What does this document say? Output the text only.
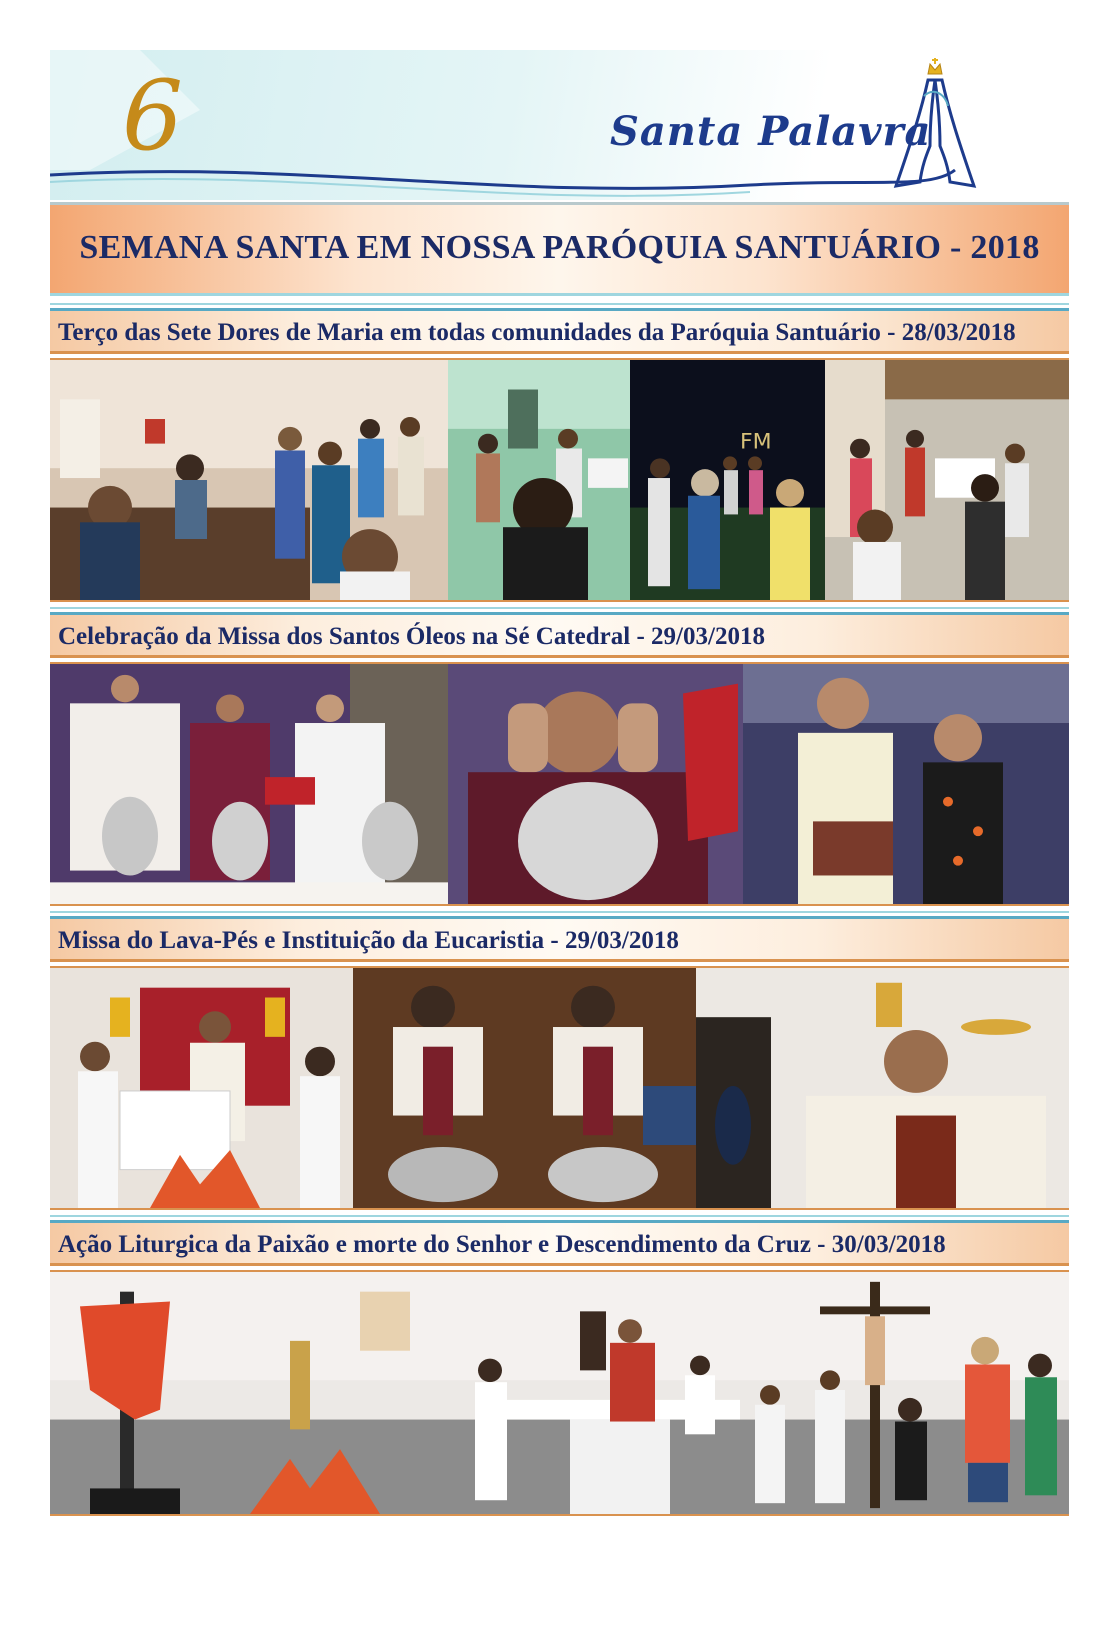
6	Santa Palavra
SEMANA SANTA EM NOSSA PARÓQUIA SANTUÁRIO - 2018
Terço das Sete Dores de Maria em todas comunidades da Paróquia Santuário - 28/03/2018
FM
Celebração da Missa dos Santos Óleos na Sé Catedral - 29/03/2018
Missa do Lava-Pés e Instituição da Eucaristia - 29/03/2018
Ação Liturgica da Paixão e morte do Senhor e Descendimento da Cruz - 30/03/2018
